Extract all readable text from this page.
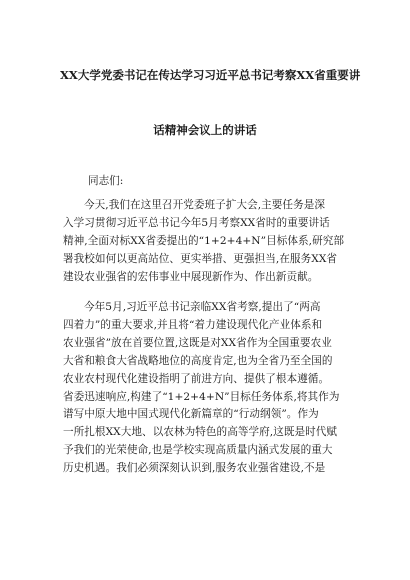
XX大学党委书记在传达学习习近平总书记考察XX省重要讲
话精神会议上的讲话
同志们:
今天,我们在这里召开党委班子扩大会,主要任务是深
入学习贯彻习近平总书记今年5月考察XX省时的重要讲话
精神,全面对标XX省委提出的“1+2+4+N”目标体系,研究部
署我校如何以更高站位、更实举措、更强担当,在服务XX省
建设农业强省的宏伟事业中展现新作为、作出新贡献。
今年5月,习近平总书记亲临XX省考察,提出了“两高
四着力”的重大要求,并且将“着力建设现代化产业体系和
农业强省”放在首要位置,这既是对XX省作为全国重要农业
大省和粮食大省战略地位的高度肯定,也为全省乃至全国的
农业农村现代化建设指明了前进方向、提供了根本遵循。
省委迅速响应,构建了“1+2+4+N”目标任务体系,将其作为
谱写中原大地中国式现代化新篇章的“行动纲领”。作为
一所扎根XX大地、以农林为特色的高等学府,这既是时代赋
予我们的光荣使命,也是学校实现高质量内涵式发展的重大
历史机遇。我们必须深刻认识到,服务农业强省建设,不是
